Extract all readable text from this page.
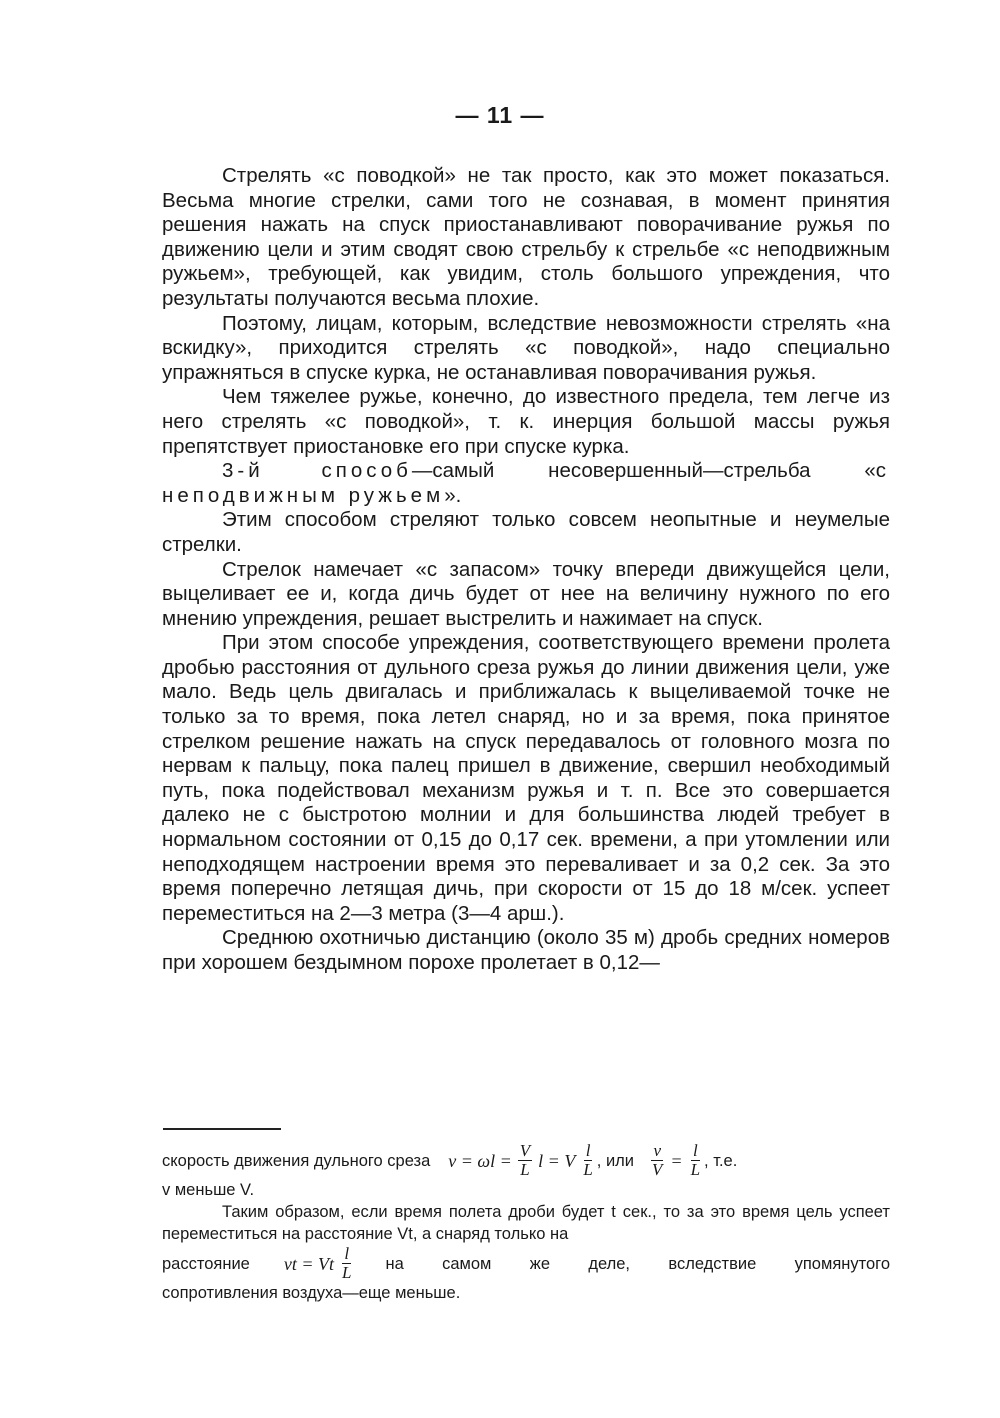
— 11 —

Стрелять «с поводкой» не так просто, как это может показаться. Весьма многие стрелки, сами того не сознавая, в момент принятия решения нажать на спуск приостанавливают поворачивание ружья по движению цели и этим сводят свою стрельбу к стрельбе «с неподвижным ружьем», требующей, как увидим, столь большого упреждения, что результаты получаются весьма плохие.

Поэтому, лицам, которым, вследствие невозможности стрелять «на вскидку», приходится стрелять «с поводкой», надо специально упражняться в спуске курка, не останавливая поворачивания ружья.

Чем тяжелее ружье, конечно, до известного предела, тем легче из него стрелять «с поводкой», т. к. инерция большой массы ружья препятствует приостановке его при спуске курка.

3-й способ—самый несовершенный—стрельба «с неподвижным ружьем».

Этим способом стреляют только совсем неопытные и неумелые стрелки.

Стрелок намечает «с запасом» точку впереди движущейся цели, выцеливает ее и, когда дичь будет от нее на величину нужного по его мнению упреждения, решает выстрелить и нажимает на спуск.

При этом способе упреждения, соответствующего времени пролета дробью расстояния от дульного среза ружья до линии движения цели, уже мало. Ведь цель двигалась и приближалась к выцеливаемой точке не только за то время, пока летел снаряд, но и за время, пока принятое стрелком решение нажать на спуск передавалось от головного мозга по нервам к пальцу, пока палец пришел в движение, свершил необходимый путь, пока подействовал механизм ружья и т. п. Все это совершается далеко не с быстротою молнии и для большинства людей требует в нормальном состоянии от 0,15 до 0,17 сек. времени, а при утомлении или неподходящем настроении время это переваливает и за 0,2 сек. За это время поперечно летящая дичь, при скорости от 15 до 18 м/сек. успеет переместиться на 2—3 метра (3—4 арш.).

Среднюю охотничью дистанцию (около 35 м) дробь средних номеров при хорошем бездымном порохе пролетает в 0,12—

скорость движения дульного среза $v = \omega l = \frac{V}{L}$ l = V $\frac{l}{L}$ , или $\frac{v}{V} = \frac{l}{L}$ , т.е.

v меньше V.

Таким образом, если время полета дроби будет t сек., то за это время цель успеет переместиться на расстояние Vt, а снаряд только на

расстояние vt = Vt $\frac{l}{L}$ на самом же деле, вследствие упомянутого

сопротивления воздуха—еще меньше.
